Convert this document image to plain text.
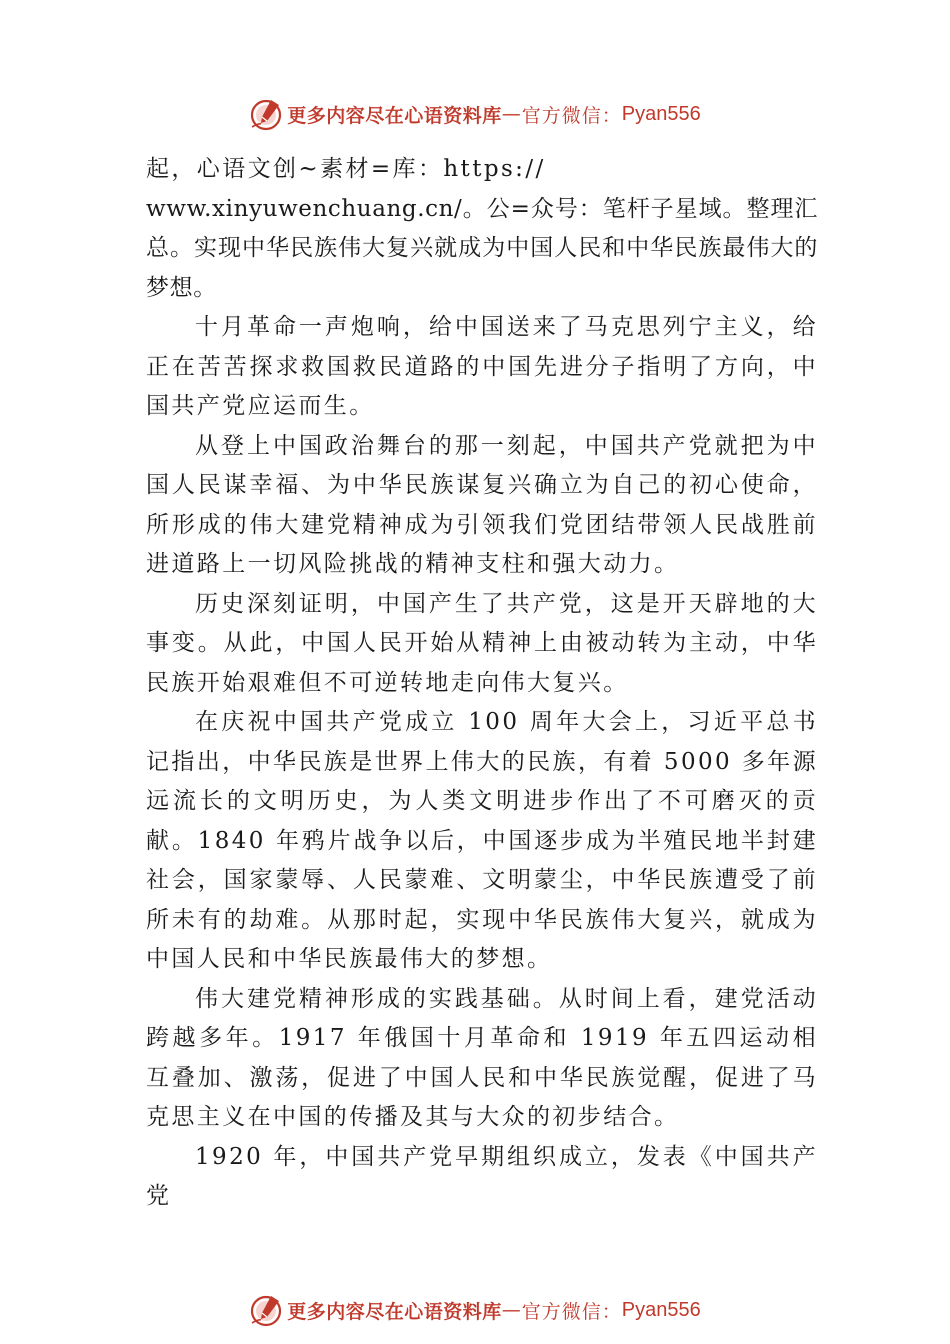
更多内容尽在心语资料库 — 官方微信： Pyan556

起，心语文创~素材=库：https://
www.xinyuwenchuang.cn/。公=众号：笔杆子星域。整理汇总。实现中华民族伟大复兴就成为中国人民和中华民族最伟大的梦想。

十月革命一声炮响，给中国送来了马克思列宁主义，给正在苦苦探求救国救民道路的中国先进分子指明了方向，中国共产党应运而生。

从登上中国政治舞台的那一刻起，中国共产党就把为中国人民谋幸福、为中华民族谋复兴确立为自己的初心使命， 所形成的伟大建党精神成为引领我们党团结带领人民战胜前进道路上一切风险挑战的精神支柱和强大动力。

历史深刻证明，中国产生了共产党，这是开天辟地的大事变。从此，中国人民开始从精神上由被动转为主动，中华民族开始艰难但不可逆转地走向伟大复兴。

在庆祝中国共产党成立 100 周年大会上，习近平总书记指出，中华民族是世界上伟大的民族，有着 5000 多年源远流长的文明历史，为人类文明进步作出了不可磨灭的贡献。1840 年鸦片战争以后，中国逐步成为半殖民地半封建社会，国家蒙辱、人民蒙难、文明蒙尘，中华民族遭受了前所未有的劫难。从那时起，实现中华民族伟大复兴，就成为中国人民和中华民族最伟大的梦想。

伟大建党精神形成的实践基础。从时间上看，建党活动跨越多年。1917 年俄国十月革命和 1919 年五四运动相互叠加、激荡，促进了中国人民和中华民族觉醒，促进了马克思主义在中国的传播及其与大众的初步结合。

1920 年，中国共产党早期组织成立，发表《中国共产党

更多内容尽在心语资料库 — 官方微信： Pyan556
